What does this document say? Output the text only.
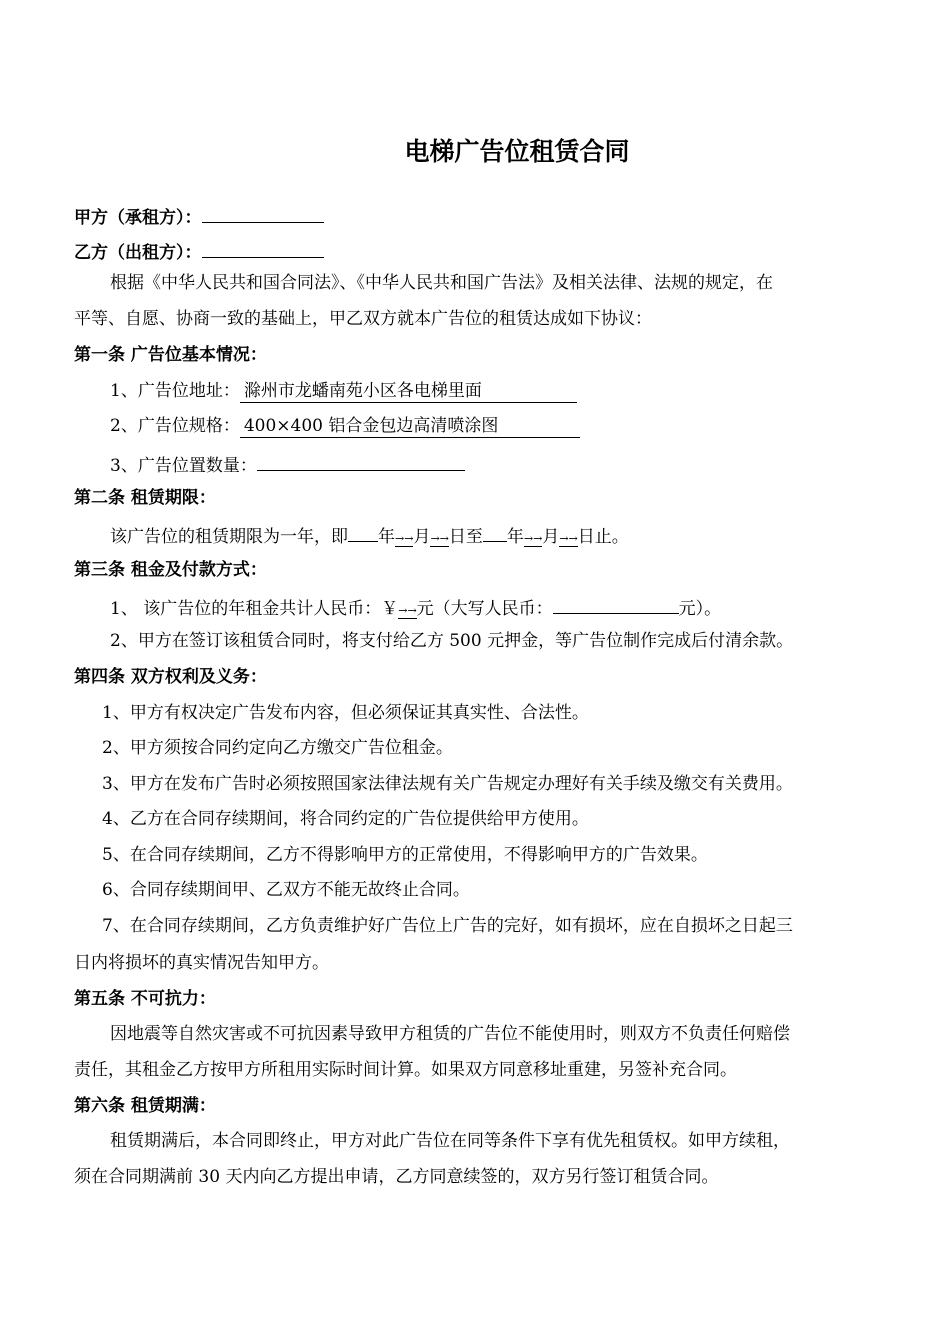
电梯广告位租赁合同
甲方（承租方）：
乙方（出租方）：
根据《中华人民共和国合同法》、《中华人民共和国广告法》及相关法律、法规的规定，在
平等、自愿、协商一致的基础上，甲乙双方就本广告位的租赁达成如下协议：
第一条 广告位基本情况：
1、广告位地址： 滁州市龙蟠南苑小区各电梯里面
2、广告位规格： 400×400 铝合金包边高清喷涂图
3、广告位置数量：
第二条 租赁期限：
该广告位的租赁期限为一年，即 年→→月→→日至 年→→月→→日止。
第三条 租金及付款方式：
1、 该广告位的年租金共计人民币：￥→→元（大写人民币：	元）。
2、甲方在签订该租赁合同时，将支付给乙方 500 元押金，等广告位制作完成后付清余款。
第四条 双方权利及义务：
1、甲方有权决定广告发布内容，但必须保证其真实性、合法性。
2、甲方须按合同约定向乙方缴交广告位租金。
3、甲方在发布广告时必须按照国家法律法规有关广告规定办理好有关手续及缴交有关费用。
4、乙方在合同存续期间，将合同约定的广告位提供给甲方使用。
5、在合同存续期间，乙方不得影响甲方的正常使用，不得影响甲方的广告效果。
6、合同存续期间甲、乙双方不能无故终止合同。
7、在合同存续期间，乙方负责维护好广告位上广告的完好，如有损坏，应在自损坏之日起三
日内将损坏的真实情况告知甲方。
第五条 不可抗力：
因地震等自然灾害或不可抗因素导致甲方租赁的广告位不能使用时，则双方不负责任何赔偿
责任，其租金乙方按甲方所租用实际时间计算。如果双方同意移址重建，另签补充合同。
第六条 租赁期满：
租赁期满后，本合同即终止，甲方对此广告位在同等条件下享有优先租赁权。如甲方续租，
须在合同期满前 30 天内向乙方提出申请，乙方同意续签的，双方另行签订租赁合同。
